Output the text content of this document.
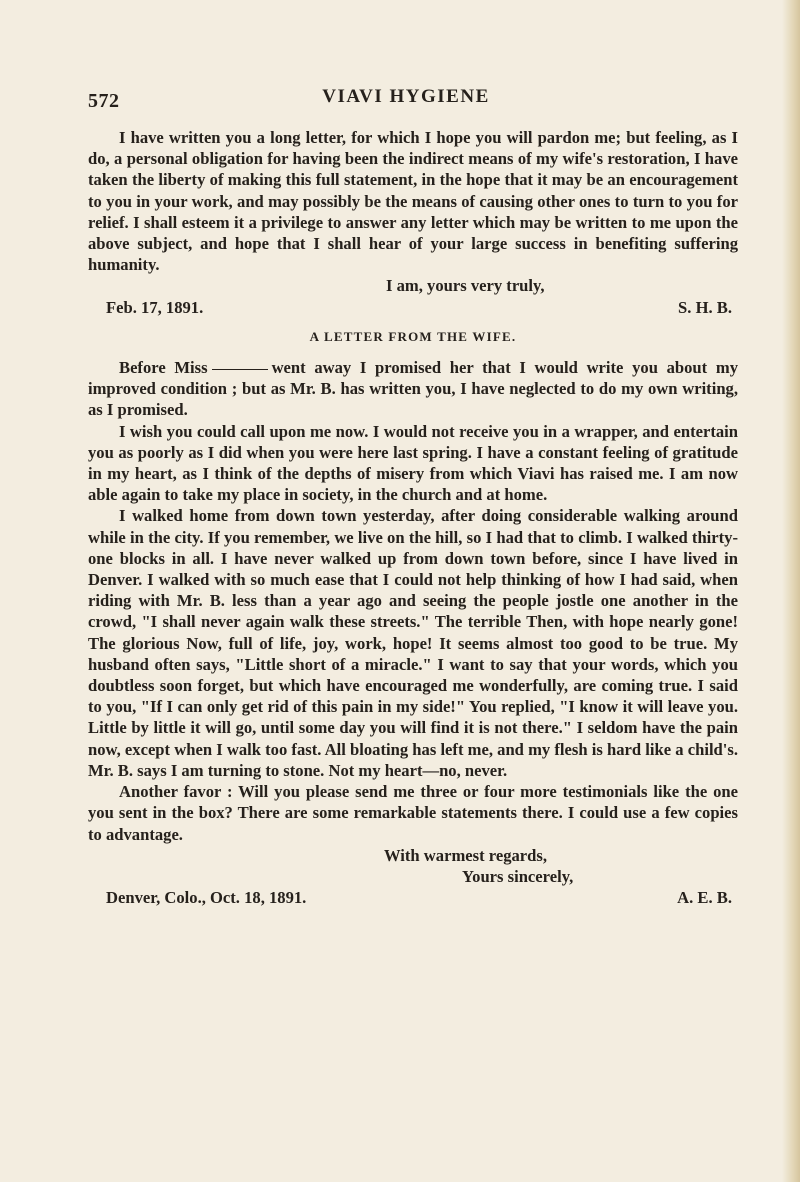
572	VIAVI HYGIENE

I have written you a long letter, for which I hope you will pardon me; but feeling, as I do, a personal obligation for having been the indirect means of my wife's restoration, I have taken the liberty of making this full statement, in the hope that it may be an encouragement to you in your work, and may possibly be the means of causing other ones to turn to you for relief. I shall esteem it a privilege to answer any letter which may be written to me upon the above subject, and hope that I shall hear of your large success in benefiting suffering humanity.

I am, yours very truly,
Feb. 17, 1891.	S. H. B.
A LETTER FROM THE WIFE.

Before Miss	went away I promised her that I would write you about my improved condition ; but as Mr. B. has written you, I have neglected to do my own writing, as I promised.

I wish you could call upon me now. I would not receive you in a wrapper, and entertain you as poorly as I did when you were here last spring. I have a constant feeling of gratitude in my heart, as I think of the depths of misery from which Viavi has raised me. I am now able again to take my place in society, in the church and at home.

I walked home from down town yesterday, after doing considerable walking around while in the city. If you remember, we live on the hill, so I had that to climb. I walked thirty-one blocks in all. I have never walked up from down town before, since I have lived in Denver. I walked with so much ease that I could not help thinking of how I had said, when riding with Mr. B. less than a year ago and seeing the people jostle one another in the crowd, "I shall never again walk these streets." The terrible Then, with hope nearly gone! The glorious Now, full of life, joy, work, hope! It seems almost too good to be true. My husband often says, "Little short of a miracle." I want to say that your words, which you doubtless soon forget, but which have encouraged me wonderfully, are coming true. I said to you, "If I can only get rid of this pain in my side!" You replied, "I know it will leave you. Little by little it will go, until some day you will find it is not there." I seldom have the pain now, except when I walk too fast. All bloating has left me, and my flesh is hard like a child's. Mr. B. says I am turning to stone. Not my heart—no, never.

Another favor : Will you please send me three or four more testimonials like the one you sent in the box? There are some remarkable statements there. I could use a few copies to advantage.

With warmest regards,
Yours sincerely,
Denver, Colo., Oct. 18, 1891.	A. E. B.
